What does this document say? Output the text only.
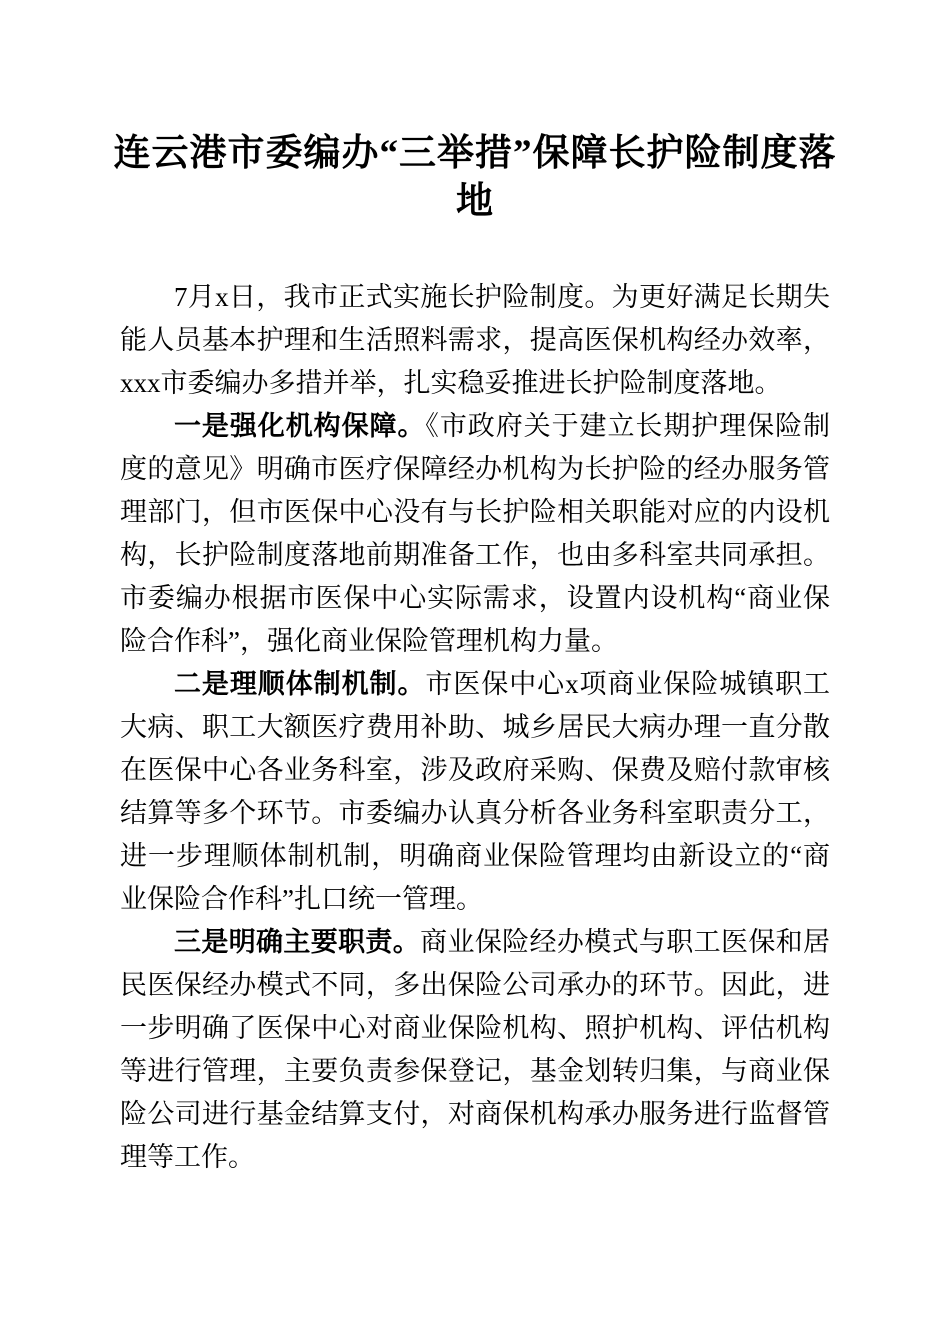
连云港市委编办“三举措”保障长护险制度落地

7月x日，我市正式实施长护险制度。为更好满足长期失能人员基本护理和生活照料需求，提高医保机构经办效率，xxx市委编办多措并举，扎实稳妥推进长护险制度落地。

一是强化机构保障。《市政府关于建立长期护理保险制度的意见》明确市医疗保障经办机构为长护险的经办服务管理部门，但市医保中心没有与长护险相关职能对应的内设机构，长护险制度落地前期准备工作，也由多科室共同承担。市委编办根据市医保中心实际需求，设置内设机构“商业保险合作科”，强化商业保险管理机构力量。

二是理顺体制机制。市医保中心x项商业保险城镇职工大病、职工大额医疗费用补助、城乡居民大病办理一直分散在医保中心各业务科室，涉及政府采购、保费及赔付款审核结算等多个环节。市委编办认真分析各业务科室职责分工，进一步理顺体制机制，明确商业保险管理均由新设立的“商业保险合作科”扎口统一管理。

三是明确主要职责。商业保险经办模式与职工医保和居民医保经办模式不同，多出保险公司承办的环节。因此，进一步明确了医保中心对商业保险机构、照护机构、评估机构等进行管理，主要负责参保登记，基金划转归集，与商业保险公司进行基金结算支付，对商保机构承办服务进行监督管理等工作。
